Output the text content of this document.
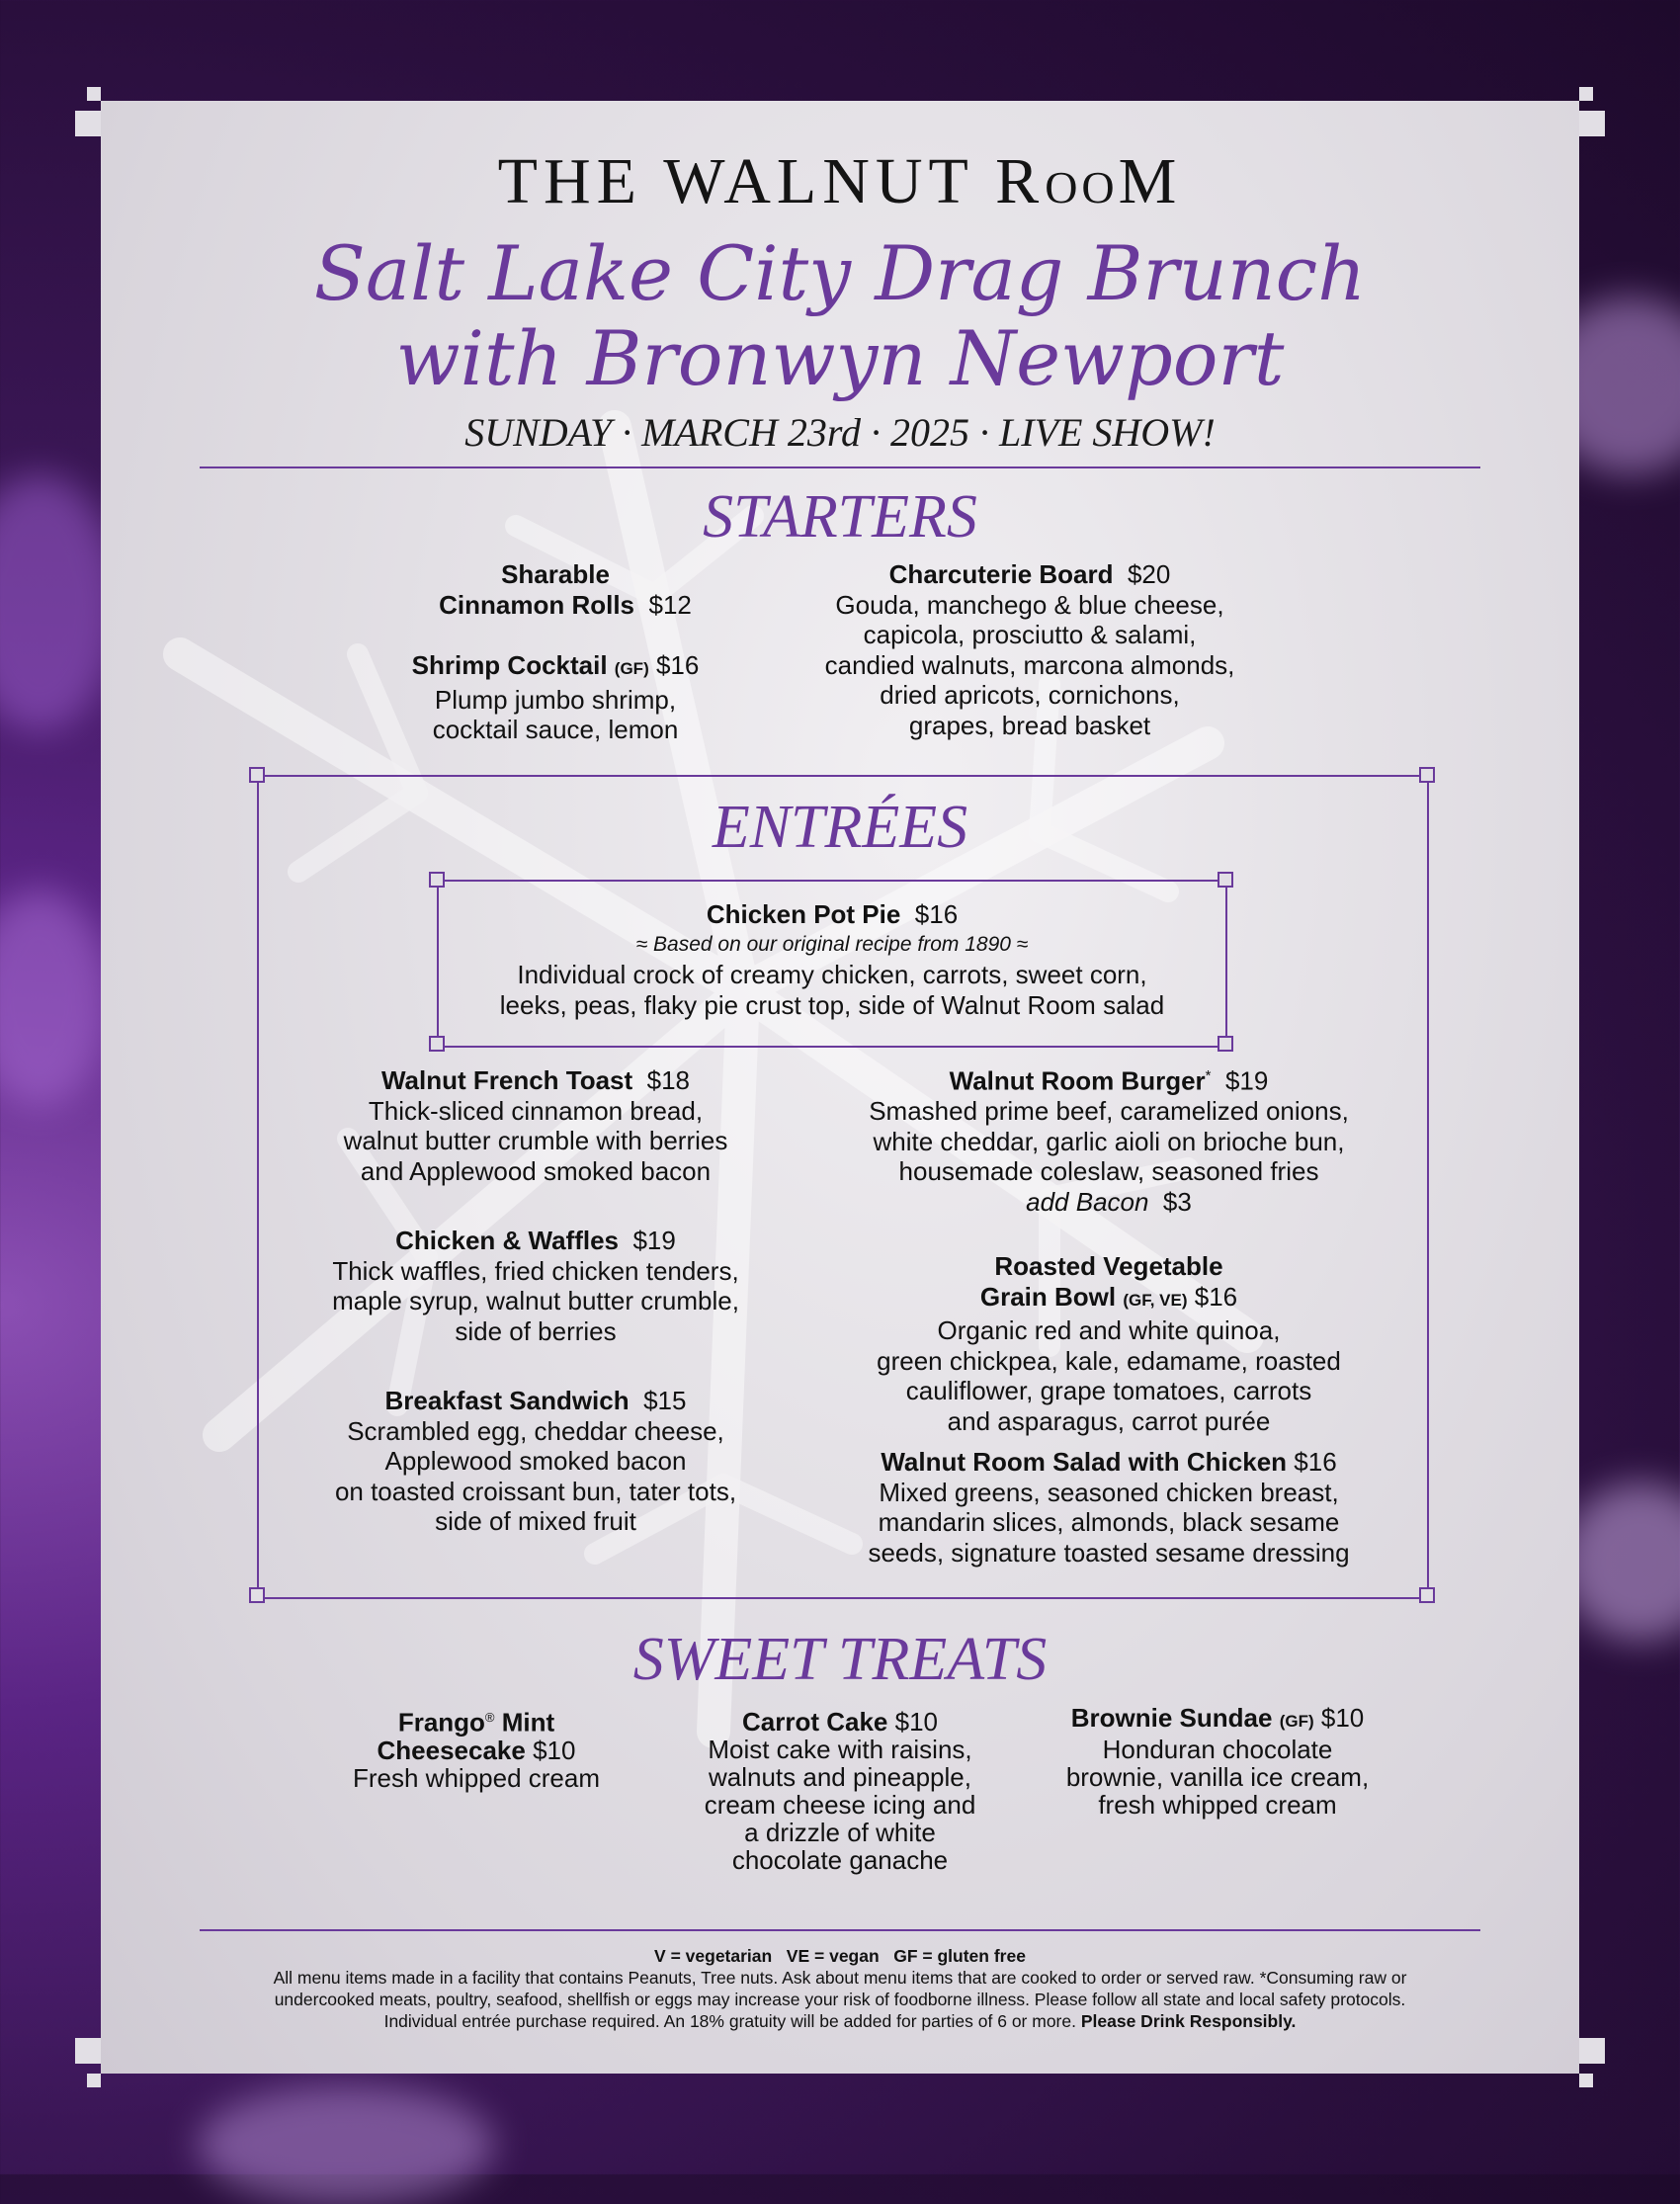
THE WALNUT ROOM
Salt Lake City Drag Brunch
with Bronwyn Newport
SUNDAY · MARCH 23rd · 2025 · LIVE SHOW!
STARTERS
Sharable
Cinnamon Rolls $12
Shrimp Cocktail (GF) $16
Plump jumbo shrimp,
cocktail sauce, lemon
Charcuterie Board $20
Gouda, manchego & blue cheese,
capicola, prosciutto & salami,
candied walnuts, marcona almonds,
dried apricots, cornichons,
grapes, bread basket
ENTRÉES
Chicken Pot Pie $16
≈ Based on our original recipe from 1890 ≈
Individual crock of creamy chicken, carrots, sweet corn,
leeks, peas, flaky pie crust top, side of Walnut Room salad
Walnut French Toast $18
Thick-sliced cinnamon bread,
walnut butter crumble with berries
and Applewood smoked bacon
Chicken & Waffles $19
Thick waffles, fried chicken tenders,
maple syrup, walnut butter crumble,
side of berries
Breakfast Sandwich $15
Scrambled egg, cheddar cheese,
Applewood smoked bacon
on toasted croissant bun, tater tots,
side of mixed fruit
Walnut Room Burger* $19
Smashed prime beef, caramelized onions,
white cheddar, garlic aioli on brioche bun,
housemade coleslaw, seasoned fries
add Bacon $3
Roasted Vegetable
Grain Bowl (GF, VE) $16
Organic red and white quinoa,
green chickpea, kale, edamame, roasted
cauliflower, grape tomatoes, carrots
and asparagus, carrot purée
Walnut Room Salad with Chicken $16
Mixed greens, seasoned chicken breast,
mandarin slices, almonds, black sesame
seeds, signature toasted sesame dressing
SWEET TREATS
Frango® Mint
Cheesecake $10
Fresh whipped cream
Carrot Cake $10
Moist cake with raisins,
walnuts and pineapple,
cream cheese icing and
a drizzle of white
chocolate ganache
Brownie Sundae (GF) $10
Honduran chocolate
brownie, vanilla ice cream,
fresh whipped cream
V = vegetarian   VE = vegan   GF = gluten free
All menu items made in a facility that contains Peanuts, Tree nuts. Ask about menu items that are cooked to order or served raw. *Consuming raw or
undercooked meats, poultry, seafood, shellfish or eggs may increase your risk of foodborne illness. Please follow all state and local safety protocols.
Individual entrée purchase required. An 18% gratuity will be added for parties of 6 or more. Please Drink Responsibly.
